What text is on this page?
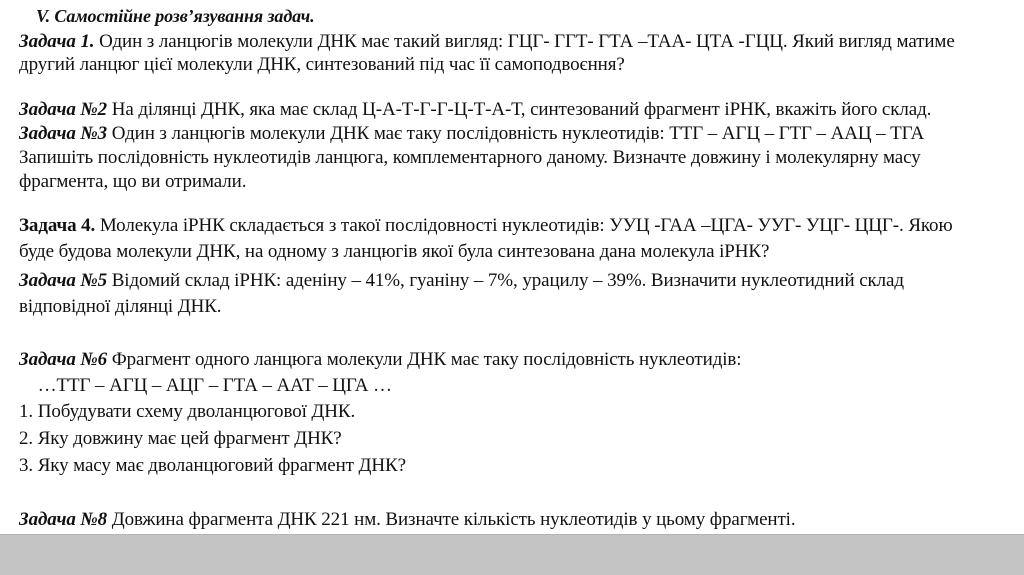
V. Самостійне розв’язування задач.
Задача 1. Один з ланцюгів молекули ДНК має такий вигляд: ГЦГ- ГГТ- ГТА –ТАА- ЦТА -ГЦЦ. Який вигляд матиме
другий ланцюг цієї молекули ДНК, синтезований під час її самоподвоєння?
Задача №2 На ділянці ДНК, яка має склад Ц-А-Т-Г-Г-Ц-Т-А-Т, синтезований фрагмент іРНК, вкажіть його склад.
Задача №3 Один з ланцюгів молекули ДНК має таку послідовність нуклеотидів: ТТГ – АГЦ – ГТГ – ААЦ – ТГА
Запишіть послідовність нуклеотидів ланцюга, комплементарного даному. Визначте довжину і молекулярну масу
фрагмента, що ви отримали.
Задача 4. Молекула іРНК складається з такої послідовності нуклеотидів: УУЦ -ГАА –ЦГА- УУГ- УЦГ- ЦЦГ-. Якою
буде будова молекули ДНК, на одному з ланцюгів якої була синтезована дана молекула іРНК?
Задача №5 Відомий склад іРНК: аденіну – 41%, гуаніну – 7%, урацилу – 39%. Визначити нуклеотидний склад
відповідної ділянці ДНК.
Задача №6 Фрагмент одного ланцюга молекули ДНК має таку послідовність нуклеотидів:
…ТТГ – АГЦ – АЦГ – ГТА – ААТ – ЦГА …
1. Побудувати схему дволанцюгової ДНК.
2. Яку довжину має цей фрагмент ДНК?
3. Яку масу має дволанцюговий фрагмент ДНК?
Задача №8 Довжина фрагмента ДНК 221 нм. Визначте кількість нуклеотидів у цьому фрагменті.
